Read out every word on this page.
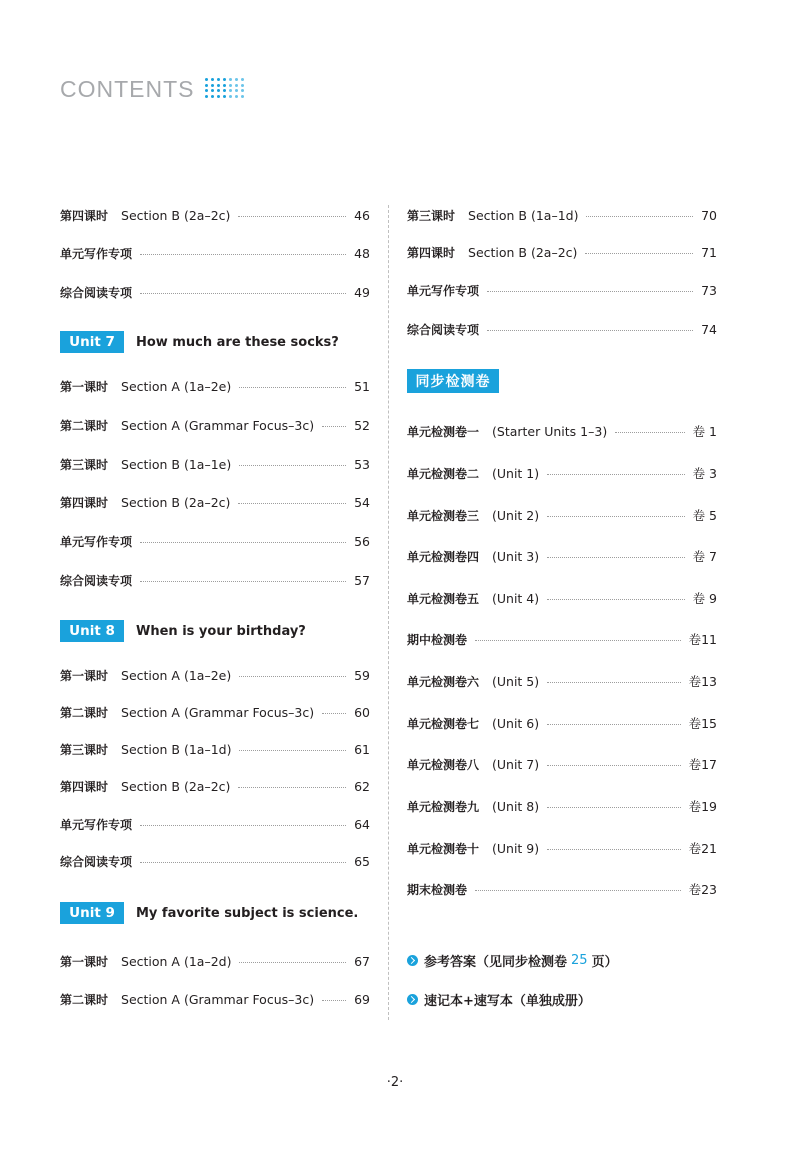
CONTENTS
第四课时 Section B (2a–2c)	46
单元写作专项	48
综合阅读专项	49
Unit 7	How much are these socks?
第一课时 Section A (1a–2e)	51
第二课时 Section A (Grammar Focus–3c)	52
第三课时 Section B (1a–1e)	53
第四课时 Section B (2a–2c)	54
单元写作专项	56
综合阅读专项	57
Unit 8	When is your birthday?
第一课时 Section A (1a–2e)	59
第二课时 Section A (Grammar Focus–3c)	60
第三课时 Section B (1a–1d)	61
第四课时 Section B (2a–2c)	62
单元写作专项	64
综合阅读专项	65
Unit 9	My favorite subject is science.
第一课时 Section A (1a–2d)	67
第二课时 Section A (Grammar Focus–3c)	69
第三课时 Section B (1a–1d)	70
第四课时 Section B (2a–2c)	71
单元写作专项	73
综合阅读专项	74
同步检测卷
单元检测卷一 (Starter Units 1–3)	卷 1
单元检测卷二 (Unit 1)	卷 3
单元检测卷三 (Unit 2)	卷 5
单元检测卷四 (Unit 3)	卷 7
单元检测卷五 (Unit 4)	卷 9
期中检测卷	卷11
单元检测卷六 (Unit 5)	卷13
单元检测卷七 (Unit 6)	卷15
单元检测卷八 (Unit 7)	卷17
单元检测卷九 (Unit 8)	卷19
单元检测卷十 (Unit 9)	卷21
期末检测卷	卷23
参考答案（见同步检测卷 25 页）
速记本+速写本（单独成册）
·2·
